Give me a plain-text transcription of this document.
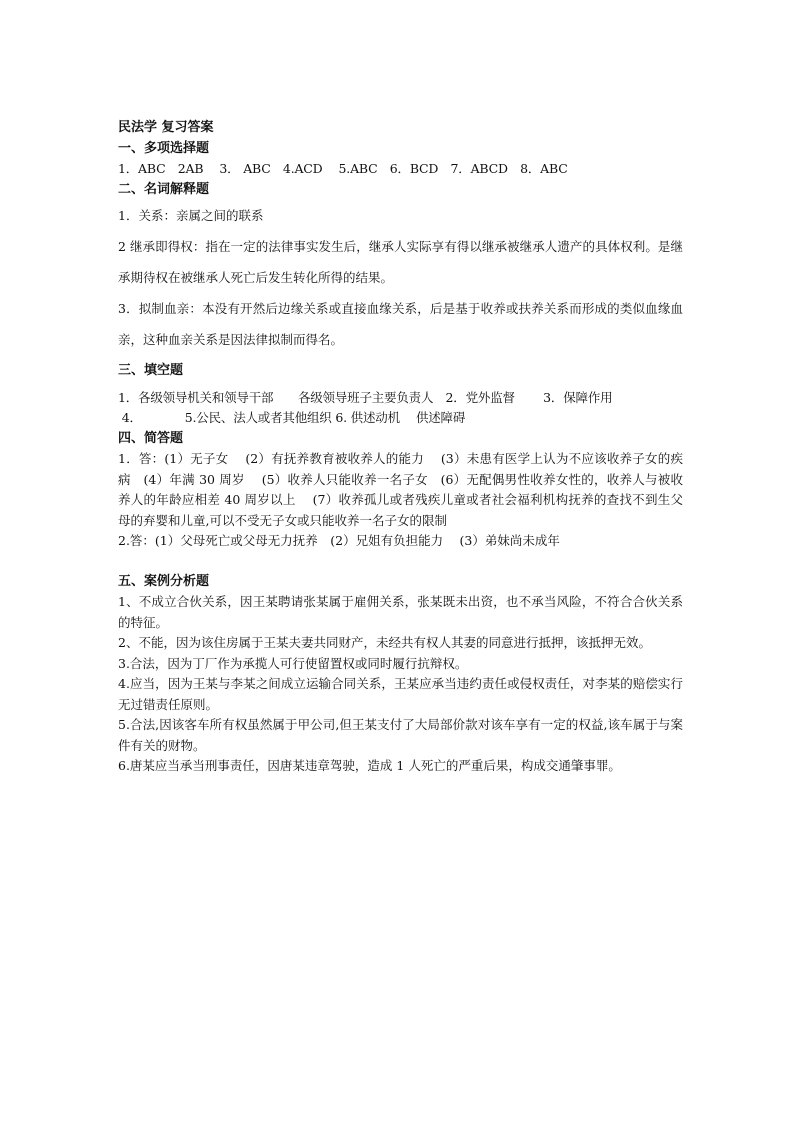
民法学 复习答案
一、多项选择题

1．ABC　2AB　 3． ABC　4.ACD　 5.ABC　6．BCD　7．ABCD　8．ABC

二、名词解释题

1．关系：亲属之间的联系

2 继承即得权：指在一定的法律事实发生后，继承人实际享有得以继承被继承人遗产的具体权利。是继承期待权在被继承人死亡后发生转化所得的结果。

3．拟制血亲：本没有开然后边缘关系或直接血缘关系，后是基于收养或扶养关系而形成的类似血缘血亲，这种血亲关系是因法律拟制而得名。

三、填空题

1．各级领导机关和领导干部　　各级领导班子主要负责人　2．党外监督　　 3．保障作用

4．　　　　5.公民、法人或者其他组织 6. 供述动机　 供述障碍

四、简答题

1．答：(1）无子女　 (2）有抚养教育被收养人的能力　 (3）未患有医学上认为不应该收养子女的疾病　(4）年满 30 周岁　 (5）收养人只能收养一名子女　(6）无配偶男性收养女性的，收养人与被收养人的年龄应相差 40 周岁以上　 (7）收养孤儿或者残疾儿童或者社会福利机构抚养的查找不到生父母的弃婴和儿童,可以不受无子女或只能收养一名子女的限制

2.答：(1）父母死亡或父母无力抚养　(2）兄姐有负担能力　 (3）弟妹尚未成年

五、案例分析题

1、不成立合伙关系，因王某聘请张某属于雇佣关系，张某既未出资，也不承当风险，不符合合伙关系的特征。

2、不能，因为该住房属于王某夫妻共同财产，未经共有权人其妻的同意进行抵押，该抵押无效。

3.合法，因为丁厂作为承揽人可行使留置权或同时履行抗辩权。

4.应当，因为王某与李某之间成立运输合同关系，王某应承当违约责任或侵权责任，对李某的赔偿实行无过错责任原则。

5.合法,因该客车所有权虽然属于甲公司,但王某支付了大局部价款对该车享有一定的权益,该车属于与案件有关的财物。

6.唐某应当承当刑事责任，因唐某违章驾驶，造成 1 人死亡的严重后果，构成交通肇事罪。
